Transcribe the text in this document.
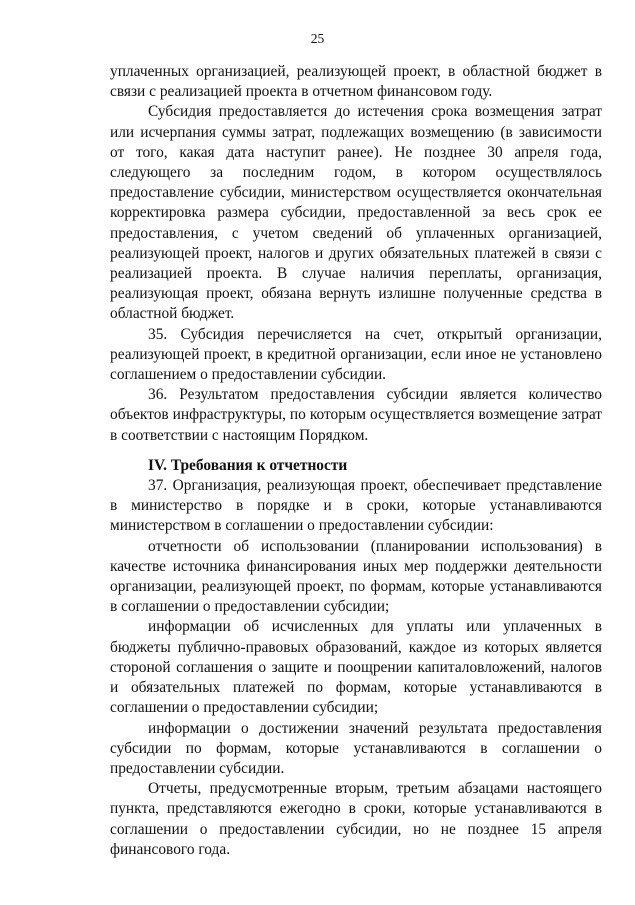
25

уплаченных организацией, реализующей проект, в областной бюджет в связи с реализацией проекта в отчетном финансовом году.

Субсидия предоставляется до истечения срока возмещения затрат или исчерпания суммы затрат, подлежащих возмещению (в зависимости от того, какая дата наступит ранее). Не позднее 30 апреля года, следующего за последним годом, в котором осуществлялось предоставление субсидии, министерством осуществляется окончательная корректировка размера субсидии, предоставленной за весь срок ее предоставления, с учетом сведений об уплаченных организацией, реализующей проект, налогов и других обязательных платежей в связи с реализацией проекта. В случае наличия переплаты, организация, реализующая проект, обязана вернуть излишне полученные средства в областной бюджет.

35. Субсидия перечисляется на счет, открытый организации, реализующей проект, в кредитной организации, если иное не установлено соглашением о предоставлении субсидии.

36. Результатом предоставления субсидии является количество объектов инфраструктуры, по которым осуществляется возмещение затрат в соответствии с настоящим Порядком.

IV. Требования к отчетности

37. Организация, реализующая проект, обеспечивает представление в министерство в порядке и в сроки, которые устанавливаются министерством в соглашении о предоставлении субсидии:

отчетности об использовании (планировании использования) в качестве источника финансирования иных мер поддержки деятельности организации, реализующей проект, по формам, которые устанавливаются в соглашении о предоставлении субсидии;

информации об исчисленных для уплаты или уплаченных в бюджеты публично-правовых образований, каждое из которых является стороной соглашения о защите и поощрении капиталовложений, налогов и обязательных платежей по формам, которые устанавливаются в соглашении о предоставлении субсидии;

информации о достижении значений результата предоставления субсидии по формам, которые устанавливаются в соглашении о предоставлении субсидии.

Отчеты, предусмотренные вторым, третьим абзацами настоящего пункта, представляются ежегодно в сроки, которые устанавливаются в соглашении о предоставлении субсидии, но не позднее 15 апреля финансового года.
